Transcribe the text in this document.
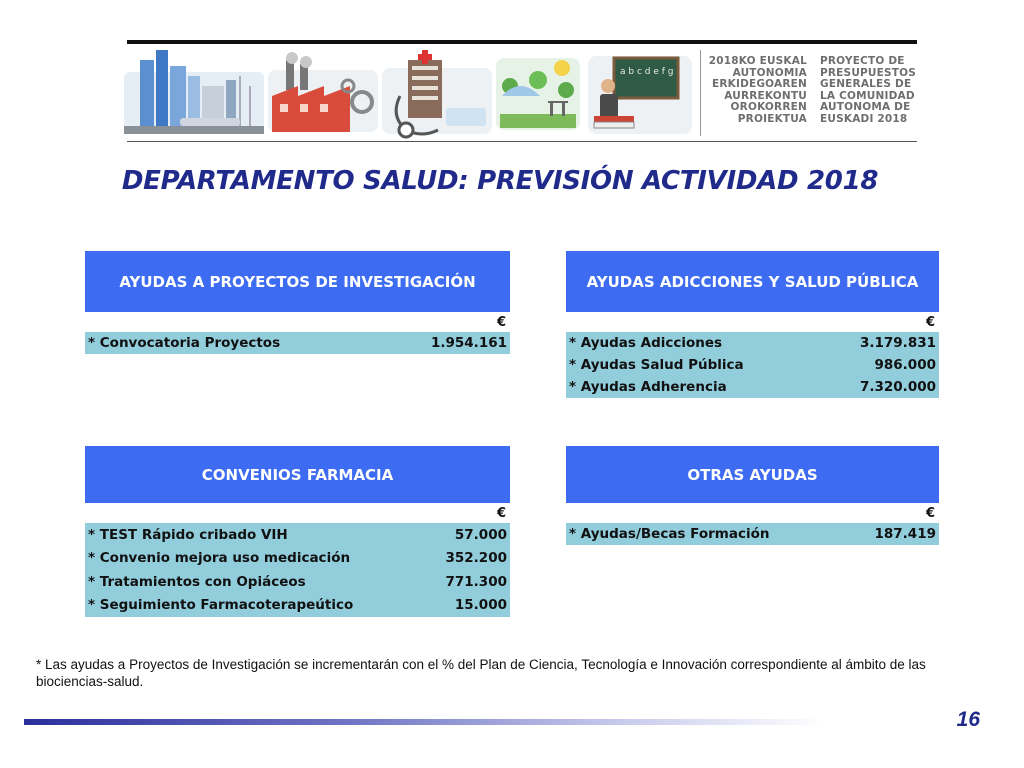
a b c d e f g
2018KO EUSKAL
AUTONOMIA
ERKIDEGOAREN
AURREKONTU
OROKORREN
PROIEKTUA
PROYECTO DE
PRESUPUESTOS
GENERALES DE
LA COMUNIDAD
AUTONOMA DE
EUSKADI 2018
DEPARTAMENTO SALUD: PREVISIÓN ACTIVIDAD 2018
AYUDAS A PROYECTOS DE INVESTIGACIÓN
€
* Convocatoria Proyectos	1.954.161
AYUDAS ADICCIONES Y SALUD PÚBLICA
€
* Ayudas Adicciones	3.179.831
* Ayudas Salud Pública	986.000
* Ayudas Adherencia	7.320.000
CONVENIOS FARMACIA
€
* TEST Rápido cribado VIH	57.000
* Convenio mejora uso medicación	352.200
* Tratamientos con Opiáceos	771.300
* Seguimiento Farmacoterapeútico	15.000
OTRAS AYUDAS
€
* Ayudas/Becas Formación	187.419
* Las ayudas a Proyectos de Investigación se incrementarán con el % del Plan de Ciencia, Tecnología e Innovación correspondiente al ámbito de las biociencias-salud.
16
